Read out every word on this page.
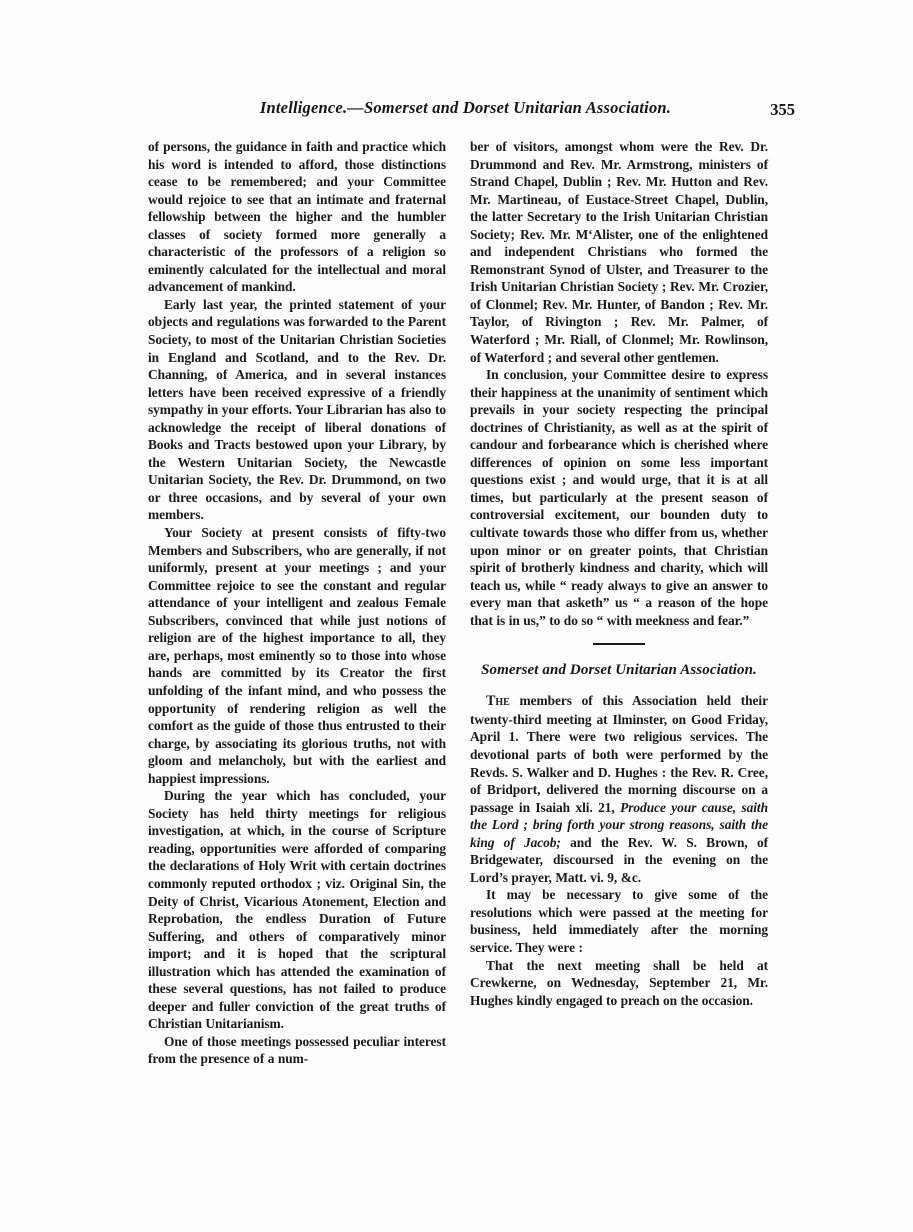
Intelligence.—Somerset and Dorset Unitarian Association.	355

of persons, the guidance in faith and practice which his word is intended to afford, those distinctions cease to be remembered; and your Committee would rejoice to see that an intimate and fraternal fellowship between the higher and the humbler classes of society formed more generally a characteristic of the professors of a religion so eminently calculated for the intellectual and moral advancement of mankind.

Early last year, the printed statement of your objects and regulations was forwarded to the Parent Society, to most of the Unitarian Christian Societies in England and Scotland, and to the Rev. Dr. Channing, of America, and in several instances letters have been received expressive of a friendly sympathy in your efforts. Your Librarian has also to acknowledge the receipt of liberal donations of Books and Tracts bestowed upon your Library, by the Western Unitarian Society, the Newcastle Unitarian Society, the Rev. Dr. Drummond, on two or three occasions, and by several of your own members.

Your Society at present consists of fifty-two Members and Subscribers, who are generally, if not uniformly, present at your meetings ; and your Committee rejoice to see the constant and regular attendance of your intelligent and zealous Female Subscribers, convinced that while just notions of religion are of the highest importance to all, they are, perhaps, most eminently so to those into whose hands are committed by its Creator the first unfolding of the infant mind, and who possess the opportunity of rendering religion as well the comfort as the guide of those thus entrusted to their charge, by associating its glorious truths, not with gloom and melancholy, but with the earliest and happiest impressions.

During the year which has concluded, your Society has held thirty meetings for religious investigation, at which, in the course of Scripture reading, opportunities were afforded of comparing the declarations of Holy Writ with certain doctrines commonly reputed orthodox ; viz. Original Sin, the Deity of Christ, Vicarious Atonement, Election and Reprobation, the endless Duration of Future Suffering, and others of comparatively minor import; and it is hoped that the scriptural illustration which has attended the examination of these several questions, has not failed to produce deeper and fuller conviction of the great truths of Christian Unitarianism.

One of those meetings possessed peculiar interest from the presence of a num-

ber of visitors, amongst whom were the Rev. Dr. Drummond and Rev. Mr. Armstrong, ministers of Strand Chapel, Dublin ; Rev. Mr. Hutton and Rev. Mr. Martineau, of Eustace-Street Chapel, Dublin, the latter Secretary to the Irish Unitarian Christian Society; Rev. Mr. M‘Alister, one of the enlightened and independent Christians who formed the Remonstrant Synod of Ulster, and Treasurer to the Irish Unitarian Christian Society ; Rev. Mr. Crozier, of Clonmel; Rev. Mr. Hunter, of Bandon ; Rev. Mr. Taylor, of Rivington ; Rev. Mr. Palmer, of Waterford ; Mr. Riall, of Clonmel; Mr. Rowlinson, of Waterford ; and several other gentlemen.

In conclusion, your Committee desire to express their happiness at the unanimity of sentiment which prevails in your society respecting the principal doctrines of Christianity, as well as at the spirit of candour and forbearance which is cherished where differences of opinion on some less important questions exist ; and would urge, that it is at all times, but particularly at the present season of controversial excitement, our bounden duty to cultivate towards those who differ from us, whether upon minor or on greater points, that Christian spirit of brotherly kindness and charity, which will teach us, while “ ready always to give an answer to every man that asketh” us “ a reason of the hope that is in us,” to do so “ with meekness and fear.”

Somerset and Dorset Unitarian Association.

The members of this Association held their twenty-third meeting at Ilminster, on Good Friday, April 1. There were two religious services. The devotional parts of both were performed by the Revds. S. Walker and D. Hughes : the Rev. R. Cree, of Bridport, delivered the morning discourse on a passage in Isaiah xli. 21, Produce your cause, saith the Lord ; bring forth your strong reasons, saith the king of Jacob; and the Rev. W. S. Brown, of Bridgewater, discoursed in the evening on the Lord’s prayer, Matt. vi. 9, &c.

It may be necessary to give some of the resolutions which were passed at the meeting for business, held immediately after the morning service. They were :

That the next meeting shall be held at Crewkerne, on Wednesday, September 21, Mr. Hughes kindly engaged to preach on the occasion.
